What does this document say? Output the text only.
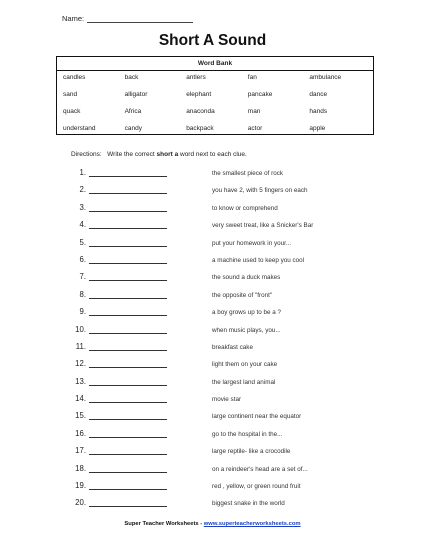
Name:
Short A Sound
Word Bank
candles	back	antlers	fan	ambulance
sand	alligator	elephant	pancake	dance
quack	Africa	anaconda	man	hands
understand	candy	backpack	actor	apple
Directions: Write the correct short a word next to each clue.
1.	the smallest piece of rock
2.	you have 2, with 5 fingers on each
3.	to know or comprehend
4.	very sweet treat, like a Snicker's Bar
5.	put your homework in your...
6.	a machine used to keep you cool
7.	the sound a duck makes
8.	the opposite of "front"
9.	a boy grows up to be a ?
10.	when music plays, you...
11.	breakfast cake
12.	light them on your cake
13.	the largest land animal
14.	movie star
15.	large continent near the equator
16.	go to the hospital in the...
17.	large reptile- like a crocodile
18.	on a reindeer's head are a set of...
19.	red , yellow, or green round fruit
20.	biggest snake in the world
Super Teacher Worksheets - www.superteacherworksheets.com
